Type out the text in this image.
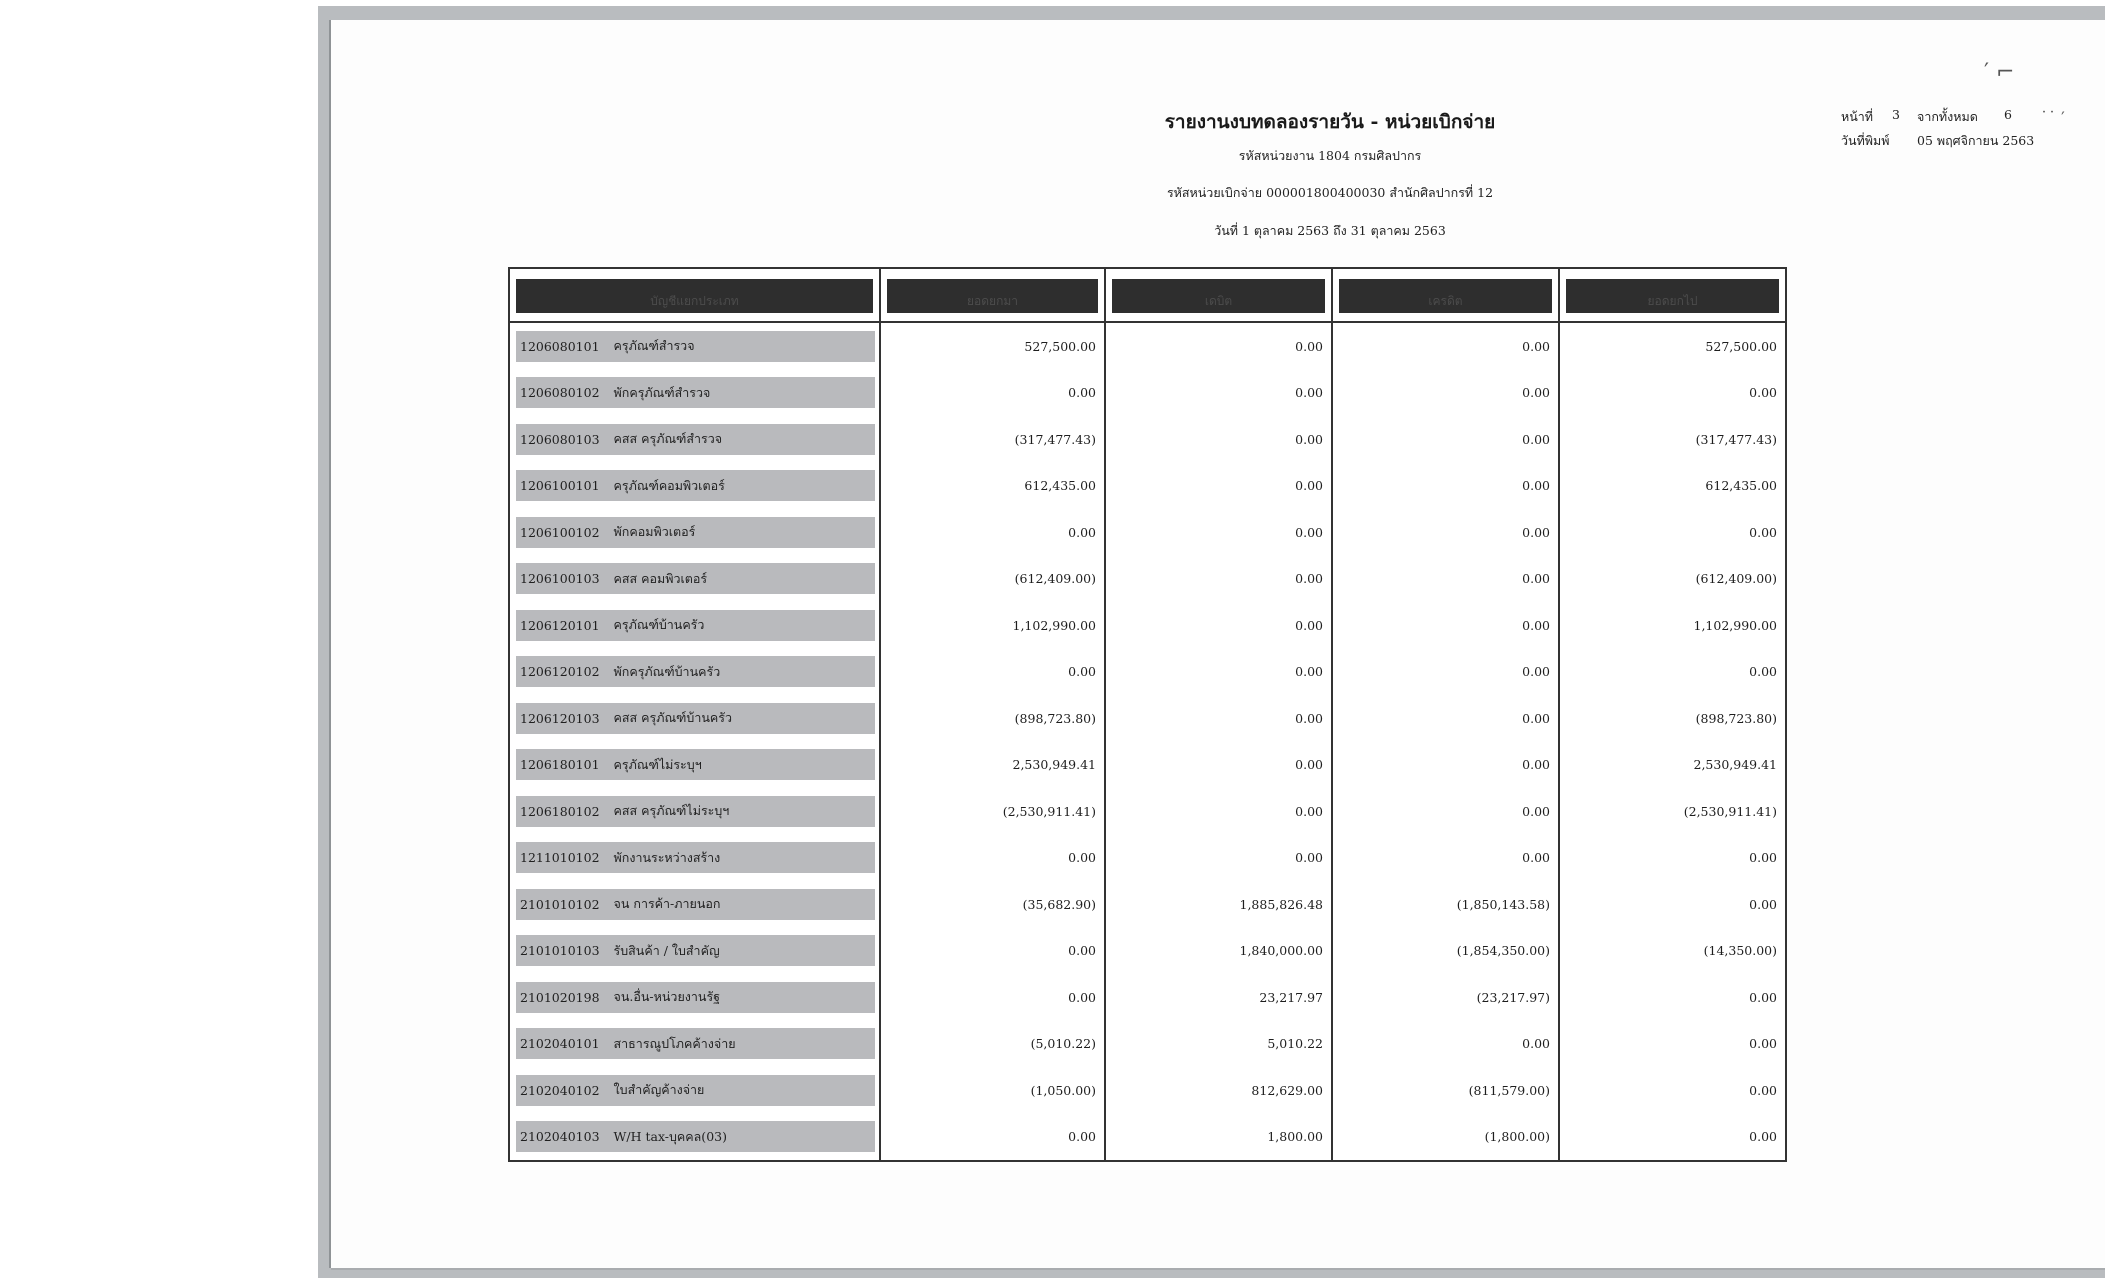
′ ⌐
˙˙ ′
รายงานงบทดลองรายวัน - หน่วยเบิกจ่าย
รหัสหน่วยงาน 1804 กรมศิลปากร
รหัสหน่วยเบิกจ่าย 000001800400030 สำนักศิลปากรที่ 12
วันที่ 1 ตุลาคม 2563 ถึง 31 ตุลาคม 2563
หน้าที่ 3 จากทั้งหมด 6
วันที่พิมพ์ 05 พฤศจิกายน 2563
บัญชีแยกประเภท	ยอดยกมา	เดบิต	เครดิต	ยอดยกไป

1206080101 ครุภัณฑ์สำรวจ	527,500.00	0.00	0.00	527,500.00

1206080102 พักครุภัณฑ์สำรวจ	0.00	0.00	0.00	0.00

1206080103 คสส ครุภัณฑ์สำรวจ	(317,477.43)	0.00	0.00	(317,477.43)

1206100101 ครุภัณฑ์คอมพิวเตอร์	612,435.00	0.00	0.00	612,435.00

1206100102 พักคอมพิวเตอร์	0.00	0.00	0.00	0.00

1206100103 คสส คอมพิวเตอร์	(612,409.00)	0.00	0.00	(612,409.00)

1206120101 ครุภัณฑ์บ้านครัว	1,102,990.00	0.00	0.00	1,102,990.00

1206120102 พักครุภัณฑ์บ้านครัว	0.00	0.00	0.00	0.00

1206120103 คสส ครุภัณฑ์บ้านครัว	(898,723.80)	0.00	0.00	(898,723.80)

1206180101 ครุภัณฑ์ไม่ระบุฯ	2,530,949.41	0.00	0.00	2,530,949.41

1206180102 คสส ครุภัณฑ์ไม่ระบุฯ	(2,530,911.41)	0.00	0.00	(2,530,911.41)

1211010102 พักงานระหว่างสร้าง	0.00	0.00	0.00	0.00

2101010102 จน การค้า-ภายนอก	(35,682.90)	1,885,826.48	(1,850,143.58)	0.00

2101010103 รับสินค้า / ใบสำคัญ	0.00	1,840,000.00	(1,854,350.00)	(14,350.00)

2101020198 จน.อื่น-หน่วยงานรัฐ	0.00	23,217.97	(23,217.97)	0.00

2102040101 สาธารณูปโภคค้างจ่าย	(5,010.22)	5,010.22	0.00	0.00

2102040102 ใบสำคัญค้างจ่าย	(1,050.00)	812,629.00	(811,579.00)	0.00

2102040103 W/H tax-บุคคล(03)	0.00	1,800.00	(1,800.00)	0.00
